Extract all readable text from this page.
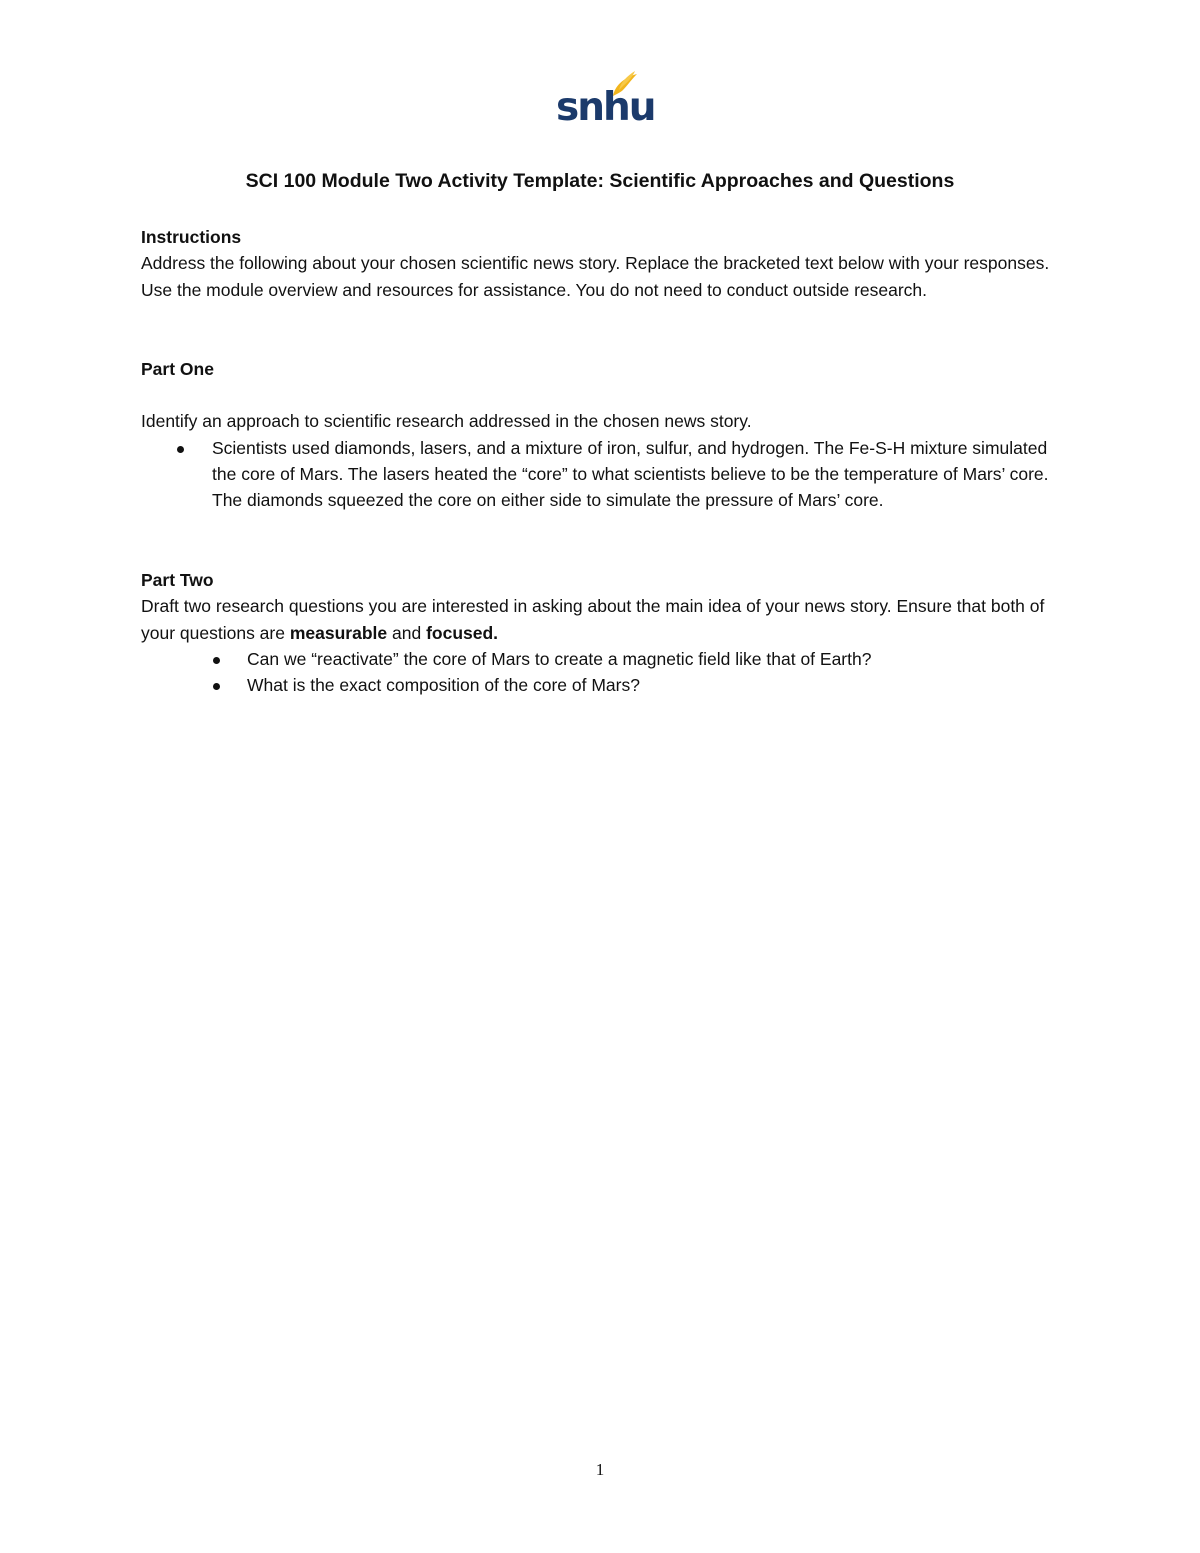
snhu
SCI 100 Module Two Activity Template: Scientific Approaches and Questions

Instructions

Address the following about your chosen scientific news story. Replace the bracketed text below with your responses. Use the module overview and resources for assistance. You do not need to conduct outside research.

Part One

Identify an approach to scientific research addressed in the chosen news story.

Scientists used diamonds, lasers, and a mixture of iron, sulfur, and hydrogen. The Fe-S-H mixture simulated the core of Mars. The lasers heated the “core” to what scientists believe to be the temperature of Mars’ core. The diamonds squeezed the core on either side to simulate the pressure of Mars’ core.

Part Two

Draft two research questions you are interested in asking about the main idea of your news story. Ensure that both of your questions are measurable and focused.

Can we “reactivate” the core of Mars to create a magnetic field like that of Earth?
What is the exact composition of the core of Mars?
1
